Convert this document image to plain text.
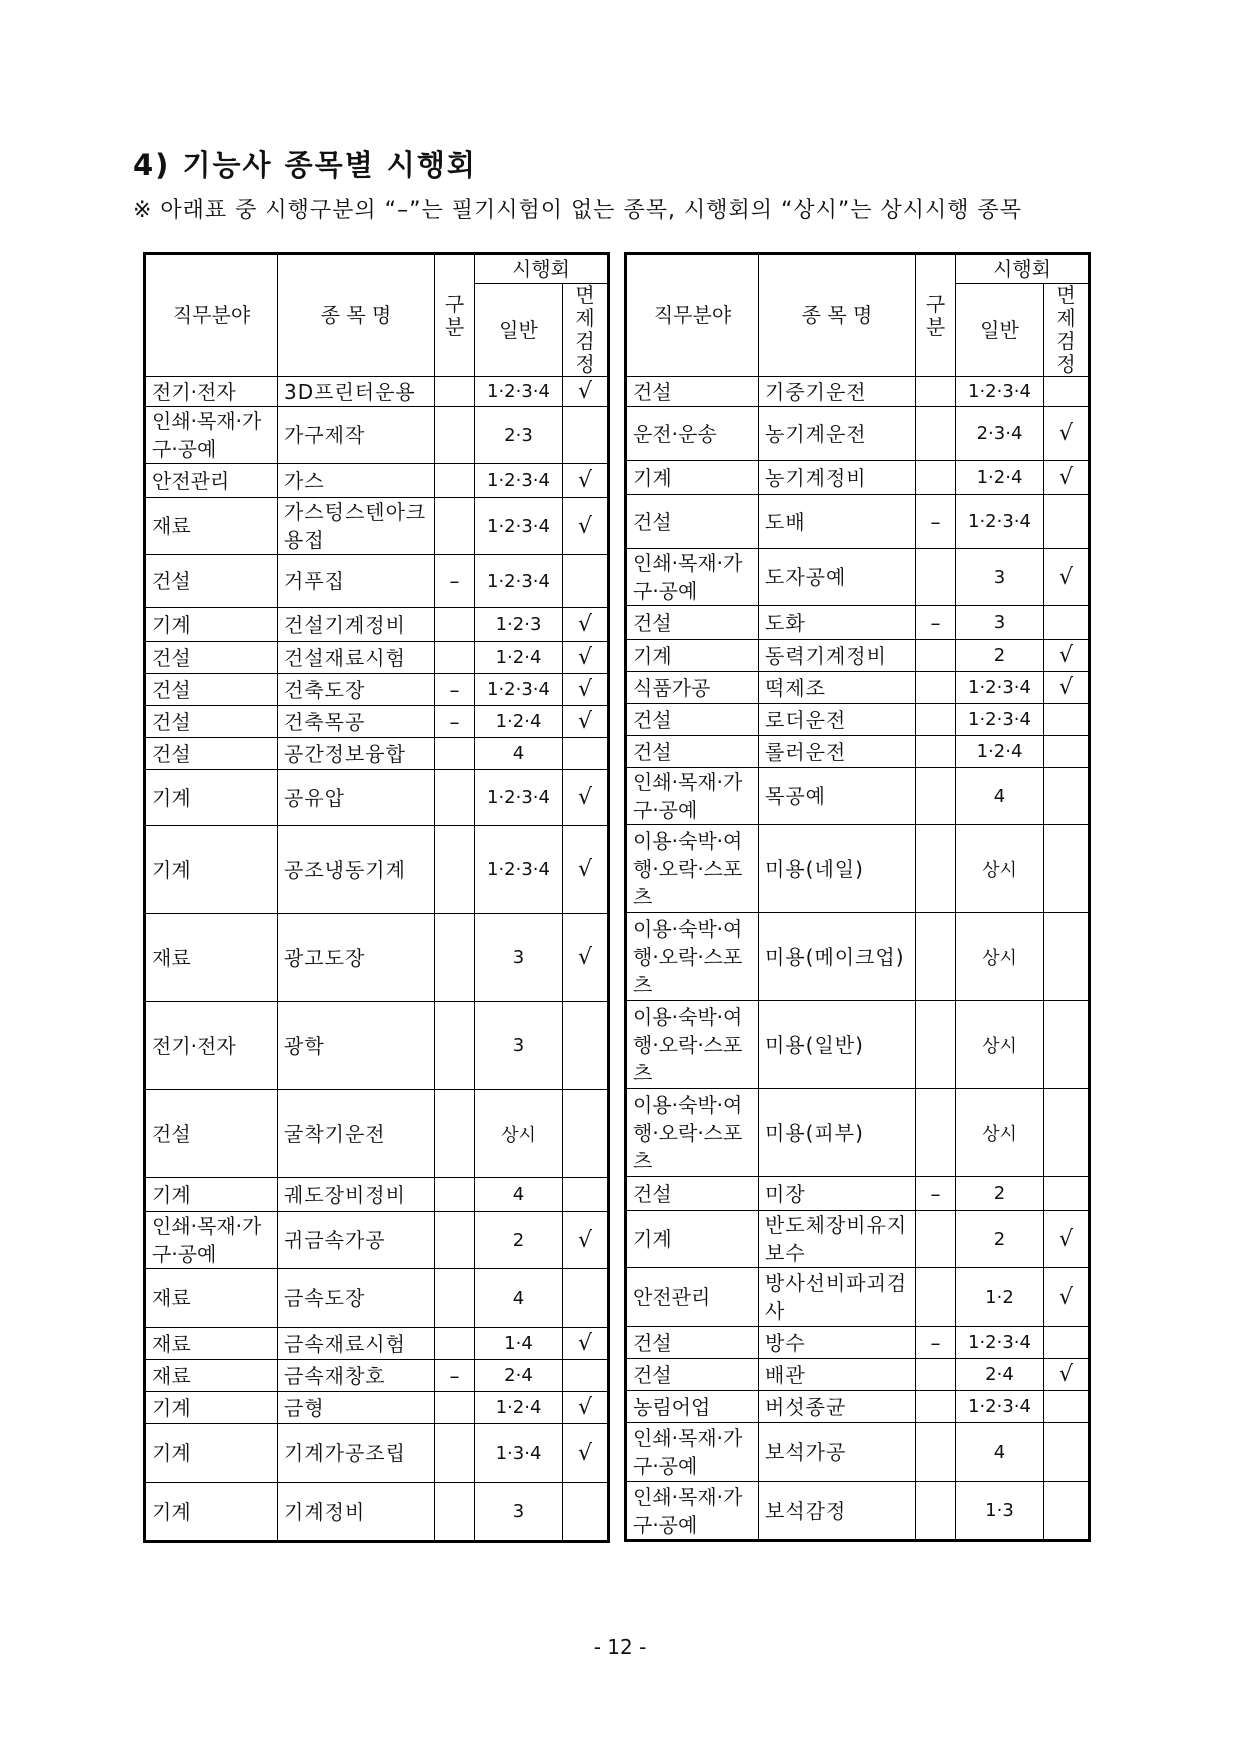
4) 기능사 종목별 시행회
※ 아래표 중 시행구분의 “–”는 필기시험이 없는 종목, 시행회의 “상시”는 상시시행 종목
직무분야	종 목 명	구분	시행회	
			일반	면제검정
전기·전자	3D프린터운용		1·2·3·4	√
인쇄·목재·가구·공예	가구제작		2·3	
안전관리	가스		1·2·3·4	√
재료	가스텅스텐아크용접		1·2·3·4	√
건설	거푸집	–	1·2·3·4	
기계	건설기계정비		1·2·3	√
건설	건설재료시험		1·2·4	√
건설	건축도장	–	1·2·3·4	√
건설	건축목공	–	1·2·4	√
건설	공간정보융합		4	
기계	공유압		1·2·3·4	√
기계	공조냉동기계		1·2·3·4	√
재료	광고도장		3	√
전기·전자	광학		3	
건설	굴착기운전		상시	
기계	궤도장비정비		4	
인쇄·목재·가구·공예	귀금속가공		2	√
재료	금속도장		4	
재료	금속재료시험		1·4	√
재료	금속재창호	–	2·4	
기계	금형		1·2·4	√
기계	기계가공조립		1·3·4	√
기계	기계정비		3	
직무분야	종 목 명	구분	시행회	
			일반	면제검정
건설	기중기운전		1·2·3·4	
운전·운송	농기계운전		2·3·4	√
기계	농기계정비		1·2·4	√
건설	도배	–	1·2·3·4	
인쇄·목재·가구·공예	도자공예		3	√
건설	도화	–	3	
기계	동력기계정비		2	√
식품가공	떡제조		1·2·3·4	√
건설	로더운전		1·2·3·4	
건설	롤러운전		1·2·4	
인쇄·목재·가구·공예	목공예		4	
이용·숙박·여행·오락·스포츠	미용(네일)		상시	
이용·숙박·여행·오락·스포츠	미용(메이크업)		상시	
이용·숙박·여행·오락·스포츠	미용(일반)		상시	
이용·숙박·여행·오락·스포츠	미용(피부)		상시	
건설	미장	–	2	
기계	반도체장비유지보수		2	√
안전관리	방사선비파괴검사		1·2	√
건설	방수	–	1·2·3·4	
건설	배관		2·4	√
농림어업	버섯종균		1·2·3·4	
인쇄·목재·가구·공예	보석가공		4	
인쇄·목재·가구·공예	보석감정		1·3	
- 12 -
